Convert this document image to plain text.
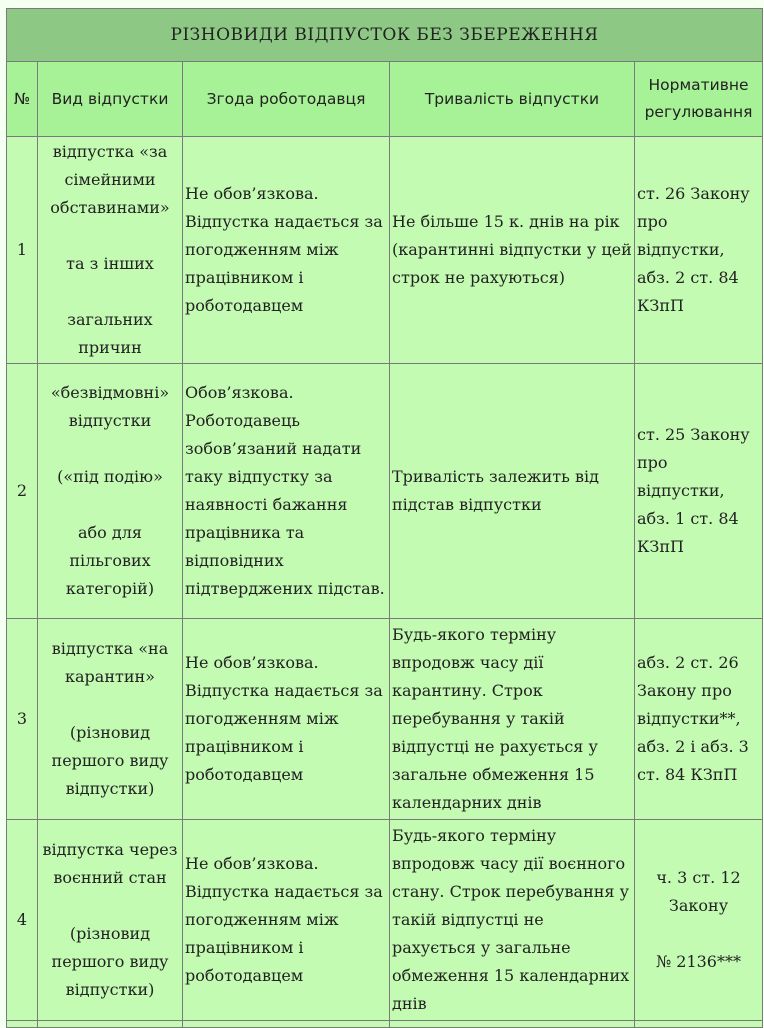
РІЗНОВИДИ ВІДПУСТОК БЕЗ ЗБЕРЕЖЕННЯ				
№	Вид відпустки	Згода роботодавця	Тривалість відпустки	Нормативне
регулювання
1	відпустка «за сімейними обставинами»
та з інших
загальних причин	Не обов’язкова. Відпустка надається за погодженням між працівником і роботодавцем	Не більше 15 к. днів на рік (карантинні відпустки у цей строк не рахуються)	ст. 26 Закону про відпустки, абз. 2 ст. 84 КЗпП
2	«безвідмовні» відпустки
(«під подію»
або для пільгових категорій)	Обов’язкова. Роботодавець зобов’язаний надати таку відпустку за наявності бажання працівника та відповідних підтверджених підстав.	Тривалість залежить від підстав відпустки	ст. 25 Закону про відпустки, абз. 1 ст. 84 КЗпП
3	відпустка «на карантин»
(різновид першого виду відпустки)	Не обов’язкова. Відпустка надається за погодженням між працівником і роботодавцем	Будь-якого терміну впродовж часу дії карантину. Строк перебування у такій відпустці не рахується у загальне обмеження 15 календарних днів	абз. 2 ст. 26 Закону про відпустки**, абз. 2 і абз. 3 ст. 84 КЗпП
4	відпустка через воєнний стан
(різновид першого виду відпустки)	Не обов’язкова. Відпустка надається за погодженням між працівником і роботодавцем	Будь-якого терміну впродовж часу дії воєнного стану. Строк перебування у такій відпустці не рахується у загальне обмеження 15 календарних днів	ч. 3 ст. 12 Закону
№ 2136***
